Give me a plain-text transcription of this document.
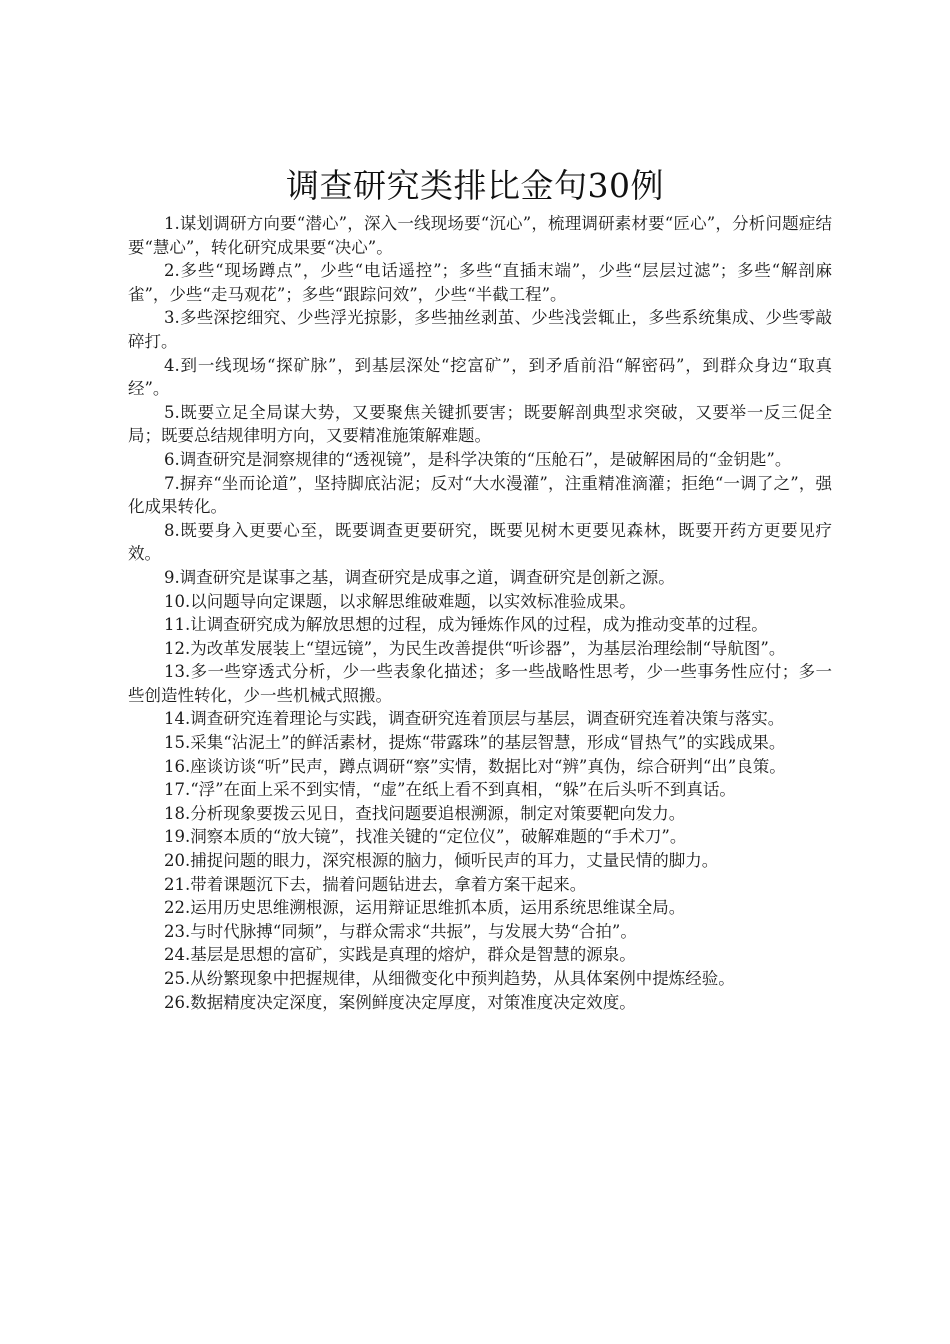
调查研究类排比金句30例
1.谋划调研方向要“潜心”，深入一线现场要“沉心”，梳理调研素材要“匠心”，分析问题症结要“慧心”，转化研究成果要“决心”。
2.多些“现场蹲点”，少些“电话遥控”；多些“直插末端”，少些“层层过滤”；多些“解剖麻雀”，少些“走马观花”；多些“跟踪问效”，少些“半截工程”。
3.多些深挖细究、少些浮光掠影，多些抽丝剥茧、少些浅尝辄止，多些系统集成、少些零敲碎打。
4.到一线现场“探矿脉”，到基层深处“挖富矿”，到矛盾前沿“解密码”，到群众身边“取真经”。
5.既要立足全局谋大势，又要聚焦关键抓要害；既要解剖典型求突破，又要举一反三促全局；既要总结规律明方向，又要精准施策解难题。
6.调查研究是洞察规律的“透视镜”，是科学决策的“压舱石”，是破解困局的“金钥匙”。
7.摒弃“坐而论道”，坚持脚底沾泥；反对“大水漫灌”，注重精准滴灌；拒绝“一调了之”，强化成果转化。
8.既要身入更要心至，既要调查更要研究，既要见树木更要见森林，既要开药方更要见疗效。
9.调查研究是谋事之基，调查研究是成事之道，调查研究是创新之源。
10.以问题导向定课题，以求解思维破难题，以实效标准验成果。
11.让调查研究成为解放思想的过程，成为锤炼作风的过程，成为推动变革的过程。
12.为改革发展装上“望远镜”，为民生改善提供“听诊器”，为基层治理绘制“导航图”。
13.多一些穿透式分析，少一些表象化描述；多一些战略性思考，少一些事务性应付；多一些创造性转化，少一些机械式照搬。
14.调查研究连着理论与实践，调查研究连着顶层与基层，调查研究连着决策与落实。
15.采集“沾泥土”的鲜活素材，提炼“带露珠”的基层智慧，形成“冒热气”的实践成果。
16.座谈访谈“听”民声，蹲点调研“察”实情，数据比对“辨”真伪，综合研判“出”良策。
17.“浮”在面上采不到实情，“虚”在纸上看不到真相，“躲”在后头听不到真话。
18.分析现象要拨云见日，查找问题要追根溯源，制定对策要靶向发力。
19.洞察本质的“放大镜”，找准关键的“定位仪”，破解难题的“手术刀”。
20.捕捉问题的眼力，深究根源的脑力，倾听民声的耳力，丈量民情的脚力。
21.带着课题沉下去，揣着问题钻进去，拿着方案干起来。
22.运用历史思维溯根源，运用辩证思维抓本质，运用系统思维谋全局。
23.与时代脉搏“同频”，与群众需求“共振”，与发展大势“合拍”。
24.基层是思想的富矿，实践是真理的熔炉，群众是智慧的源泉。
25.从纷繁现象中把握规律，从细微变化中预判趋势，从具体案例中提炼经验。
26.数据精度决定深度，案例鲜度决定厚度，对策准度决定效度。
